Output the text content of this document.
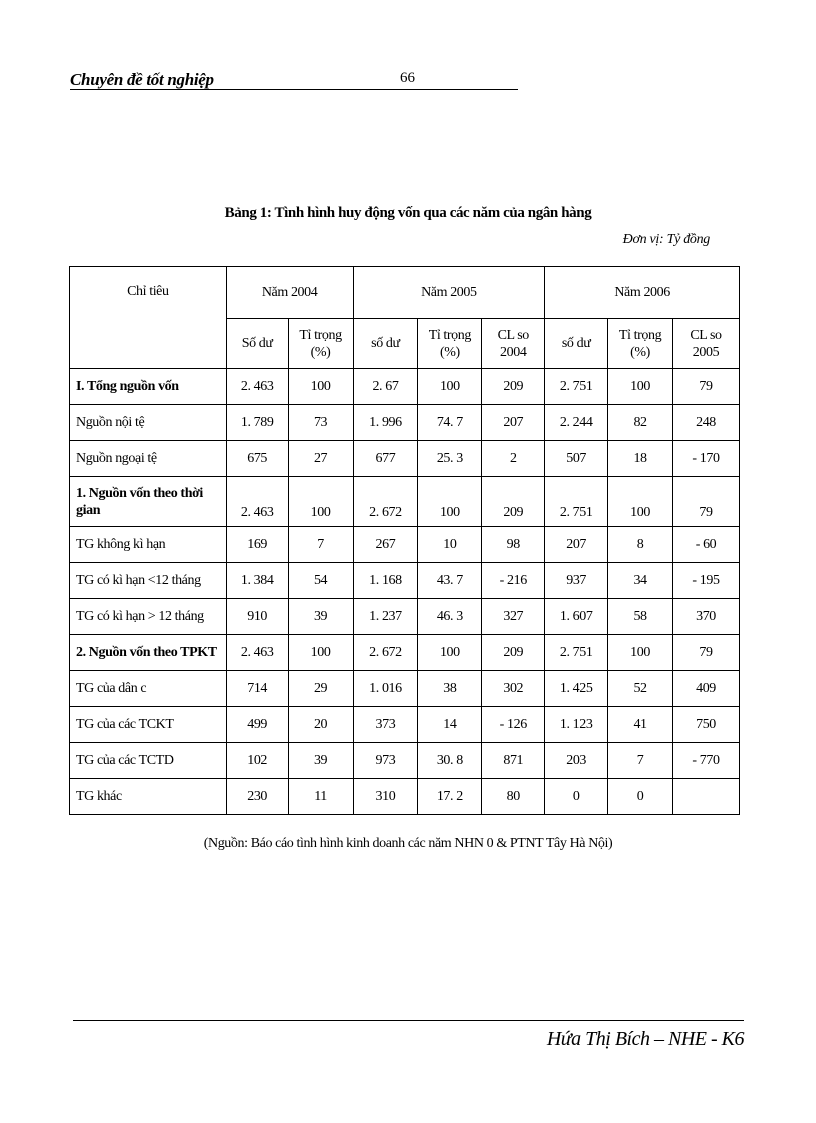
Chuyên đề tốt nghiệp	66
Bảng 1: Tình hình huy động vốn qua các năm của ngân hàng
Đơn vị: Tỷ đồng
Chỉ tiêu	Năm 2004		Năm 2005			Năm 2006		
	Số dư	Tỉ trọng (%)	số dư	Tỉ trọng (%)	CL so 2004	số dư	Tỉ trọng (%)	CL so 2005
I. Tổng nguồn vốn	2. 463	100	2. 67	100	209	2. 751	100	79
Nguồn nội tệ	1. 789	73	1. 996	74. 7	207	2. 244	82	248
Nguồn ngoại tệ	675	27	677	25. 3	2	507	18	- 170
1. Nguồn vốn theo thời gian	2. 463	100	2. 672	100	209	2. 751	100	79
TG không kì hạn	169	7	267	10	98	207	8	- 60
TG có kì hạn <12 tháng	1. 384	54	1. 168	43. 7	- 216	937	34	- 195
TG có kì hạn > 12 tháng	910	39	1. 237	46. 3	327	1. 607	58	370
2. Nguồn vốn theo TPKT	2. 463	100	2. 672	100	209	2. 751	100	79
TG của dân c	714	29	1. 016	38	302	1. 425	52	409
TG của các TCKT	499	20	373	14	- 126	1. 123	41	750
TG của các TCTD	102	39	973	30. 8	871	203	7	- 770
TG khác	230	11	310	17. 2	80	0	0	
(Nguồn: Báo cáo tình hình kinh doanh các năm NHN 0 & PTNT Tây Hà Nội)
Hứa Thị Bích – NHE - K6
